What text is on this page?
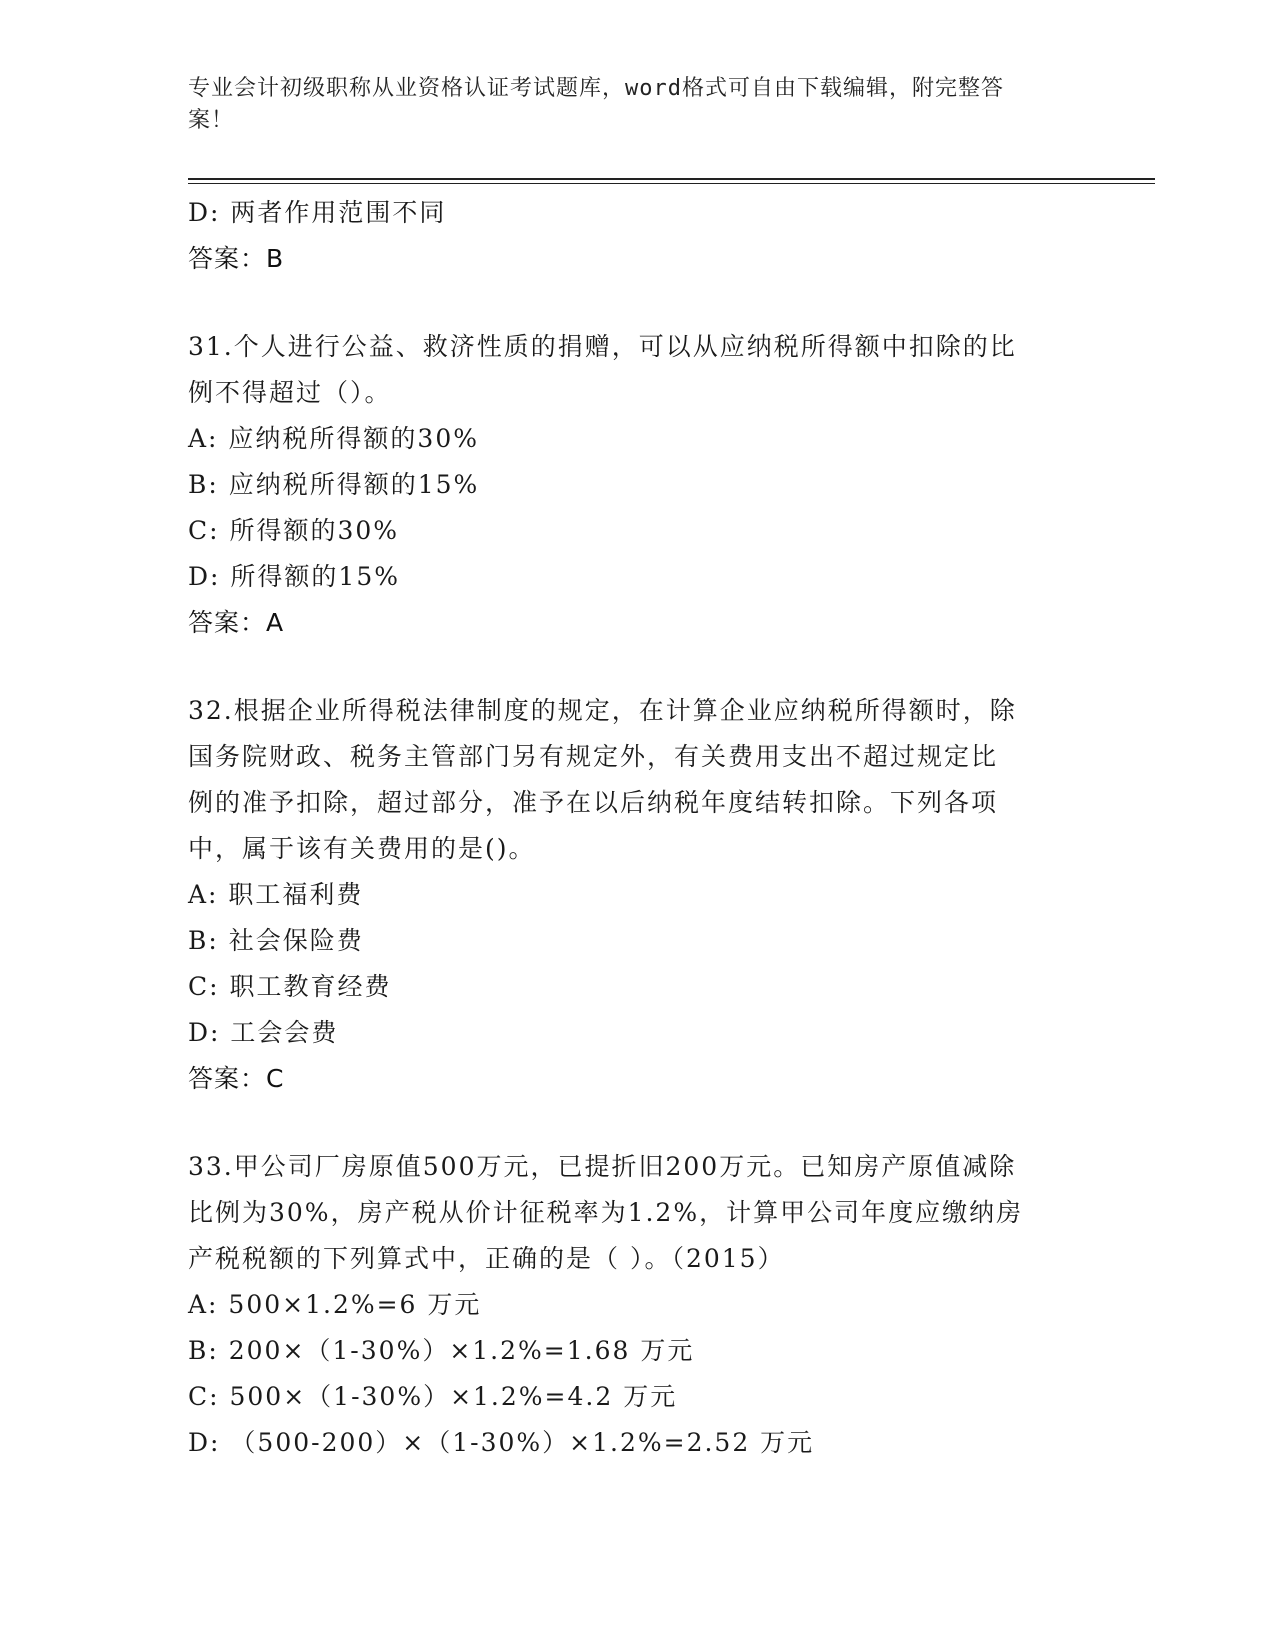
专业会计初级职称从业资格认证考试题库，word格式可自由下载编辑，附完整答
案！
D: 两者作用范围不同
答案：B
31.个人进行公益、救济性质的捐赠，可以从应纳税所得额中扣除的比
例不得超过（）。
A: 应纳税所得额的30%
B: 应纳税所得额的15%
C: 所得额的30%
D: 所得额的15%
答案：A
32.根据企业所得税法律制度的规定，在计算企业应纳税所得额时，除
国务院财政、税务主管部门另有规定外，有关费用支出不超过规定比
例的准予扣除，超过部分，准予在以后纳税年度结转扣除。下列各项
中，属于该有关费用的是()。
A: 职工福利费
B: 社会保险费
C: 职工教育经费
D: 工会会费
答案：C
33.甲公司厂房原值500万元，已提折旧200万元。已知房产原值减除
比例为30%，房产税从价计征税率为1.2%，计算甲公司年度应缴纳房
产税税额的下列算式中，正确的是（ ）。（2015）
A: 500×1.2%=6 万元
B: 200×（1-30%）×1.2%=1.68 万元
C: 500×（1-30%）×1.2%=4.2 万元
D: （500-200）×（1-30%）×1.2%=2.52 万元
